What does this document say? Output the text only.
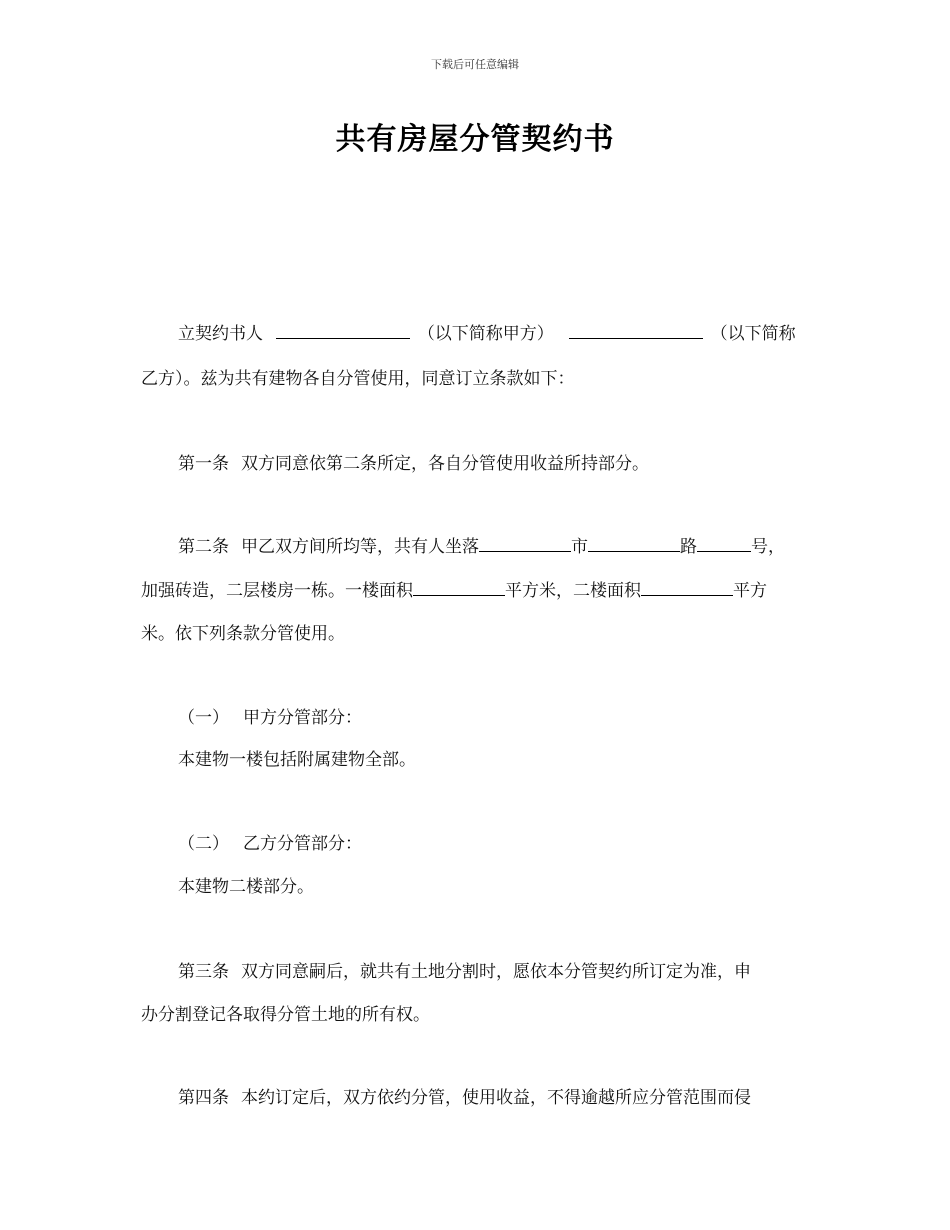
下载后可任意编辑
共有房屋分管契约书
立契约书人	（以下简称甲方）	（以下简称
乙方）。兹为共有建物各自分管使用，同意订立条款如下：
第一条 双方同意依第二条所定，各自分管使用收益所持部分。
第二条 甲乙双方间所均等，共有人坐落	市	路	号，
加强砖造，二层楼房一栋。一楼面积	平方米，二楼面积	平方
米。依下列条款分管使用。
（一） 甲方分管部分：
本建物一楼包括附属建物全部。
（二） 乙方分管部分：
本建物二楼部分。
第三条 双方同意嗣后，就共有土地分割时，愿依本分管契约所订定为准，申
办分割登记各取得分管土地的所有权。
第四条 本约订定后，双方依约分管，使用收益，不得逾越所应分管范围而侵
